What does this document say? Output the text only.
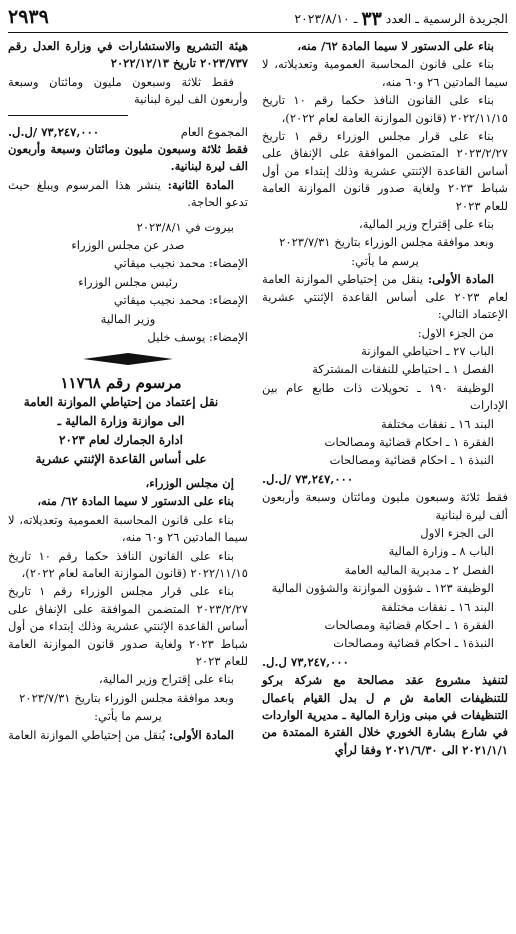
الجريدة الرسمية ـ العدد ٣٣ ـ ٢٠٢٣/٨/١٠
٢٩٣٩

بناء على الدستور لا سيما المادة ٦٢/ منه،

بناء على قانون المحاسبة العمومية وتعديلاته، لا سيما المادتين ٢٦ و٦٠ منه،

بناء على القانون النافذ حكما رقم ١٠ تاريخ ٢٠٢٢/١١/١٥ (قانون الموازنة العامة لعام ٢٠٢٢)،

بناء على قرار مجلس الوزراء رقم ١ تاريخ ٢٠٢٣/٢/٢٧ المتضمن الموافقة على الإنفاق على أساس القاعدة الإثنتي عشرية وذلك إبتداء من أول شباط ٢٠٢٣ ولغاية صدور قانون الموازنة العامة للعام ٢٠٢٣

بناء على إقتراح وزير المالية،

وبعد موافقة مجلس الوزراء بتاريخ ٢٠٢٣/٧/٣١

يرسم ما يأتي:

المادة الأولى: ينقل من إحتياطي الموازنة العامة لعام ٢٠٢٣ على أساس القاعدة الإثنتي عشرية الإعتماد التالي:

من الجزء الاول:

الباب ٢٧ ـ احتياطي الموازنة

الفصل ١ ـ احتياطي للنفقات المشتركة

الوظيفة ١٩٠ ـ تحويلات ذات طابع عام بين الإدارات

البند ١٦ ـ نفقات مختلفة

الفقرة ١ ـ احكام قضائية ومصالحات

النبذة ١ ـ احكام قضائية ومصالحات

٧٣,٢٤٧,٠٠٠ /ل.ل.

فقط ثلاثة وسبعون مليون ومائتان وسبعة وأربعون ألف ليرة لبنانية

الى الجزء الاول

الباب ٨ ـ وزارة المالية

الفصل ٢ ـ مديرية الماليه العامة

الوظيفة ١٢٣ ـ شؤون الموازنة والشؤون المالية

البند ١٦ ـ نفقات مختلفة

الفقرة ١ ـ احكام قضائية ومصالحات

النبذة١ ـ احكام قضائية ومصالحات

٧٣,٢٤٧,٠٠٠ ل.ل.

لتنفيذ مشروع عقد مصالحة مع شركة بركو للتنظيفات العامة ش م ل بدل القيام باعمال التنظيفات في مبنى وزارة المالية ـ مديرية الواردات في شارع بشارة الخوري خلال الفترة الممتدة من ٢٠٢١/١/١ الى ٢٠٢١/٦/٣٠ وفقا لرأي

هيئة التشريع والاستشارات في وزارة العدل رقم ٢٠٢٣/٧٣٧ تاريخ ٢٠٢٢/١٢/١٣

فقط ثلاثة وسبعون مليون ومائتان وسبعة وأربعون الف ليرة لبنانية

المجموع العام
٧٣,٢٤٧,٠٠٠ /ل.ل.

فقط ثلاثة وسبعون مليون ومائتان وسبعة وأربعون الف ليرة لبنانية.

المادة الثانية: ينشر هذا المرسوم ويبلغ حيث تدعو الحاجة.

بيروت في ٢٠٢٣/٨/١

صدر عن مجلس الوزراء

الإمضاء: محمد نجيب ميقاتي

رئيس مجلس الوزراء

الإمضاء: محمد نجيب ميقاتي

وزير المالية

الإمضاء: يوسف خليل

مرسوم رقم ١١٧٦٨

نقل إعتماد من إحتياطي الموازنة العامة

الى موازنة وزارة المالية ـ

ادارة الجمارك لعام ٢٠٢٣

على أساس القاعدة الإثنتي عشرية

إن مجلس الوزراء،

بناء على الدستور لا سيما المادة ٦٢/ منه،

بناء على قانون المحاسبة العمومية وتعديلاته، لا سيما المادتين ٢٦ و٦٠ منه،

بناء على القانون النافذ حكما رقم ١٠ تاريخ ٢٠٢٢/١١/١٥ (قانون الموازنة العامة لعام ٢٠٢٢)،

بناء على قرار مجلس الوزراء رقم ١ تاريخ ٢٠٢٣/٢/٢٧ المتضمن الموافقة على الإنفاق على أساس القاعدة الإثنتي عشرية وذلك إبتداء من أول شباط ٢٠٢٣ ولغاية صدور قانون الموازنة العامة للعام ٢٠٢٣

بناء على إقتراح وزير المالية،

وبعد موافقة مجلس الوزراء بتاريخ ٢٠٢٣/٧/٣١

يرسم ما يأتي:

المادة الأولى: يُنقل من إحتياطي الموازنة العامة
